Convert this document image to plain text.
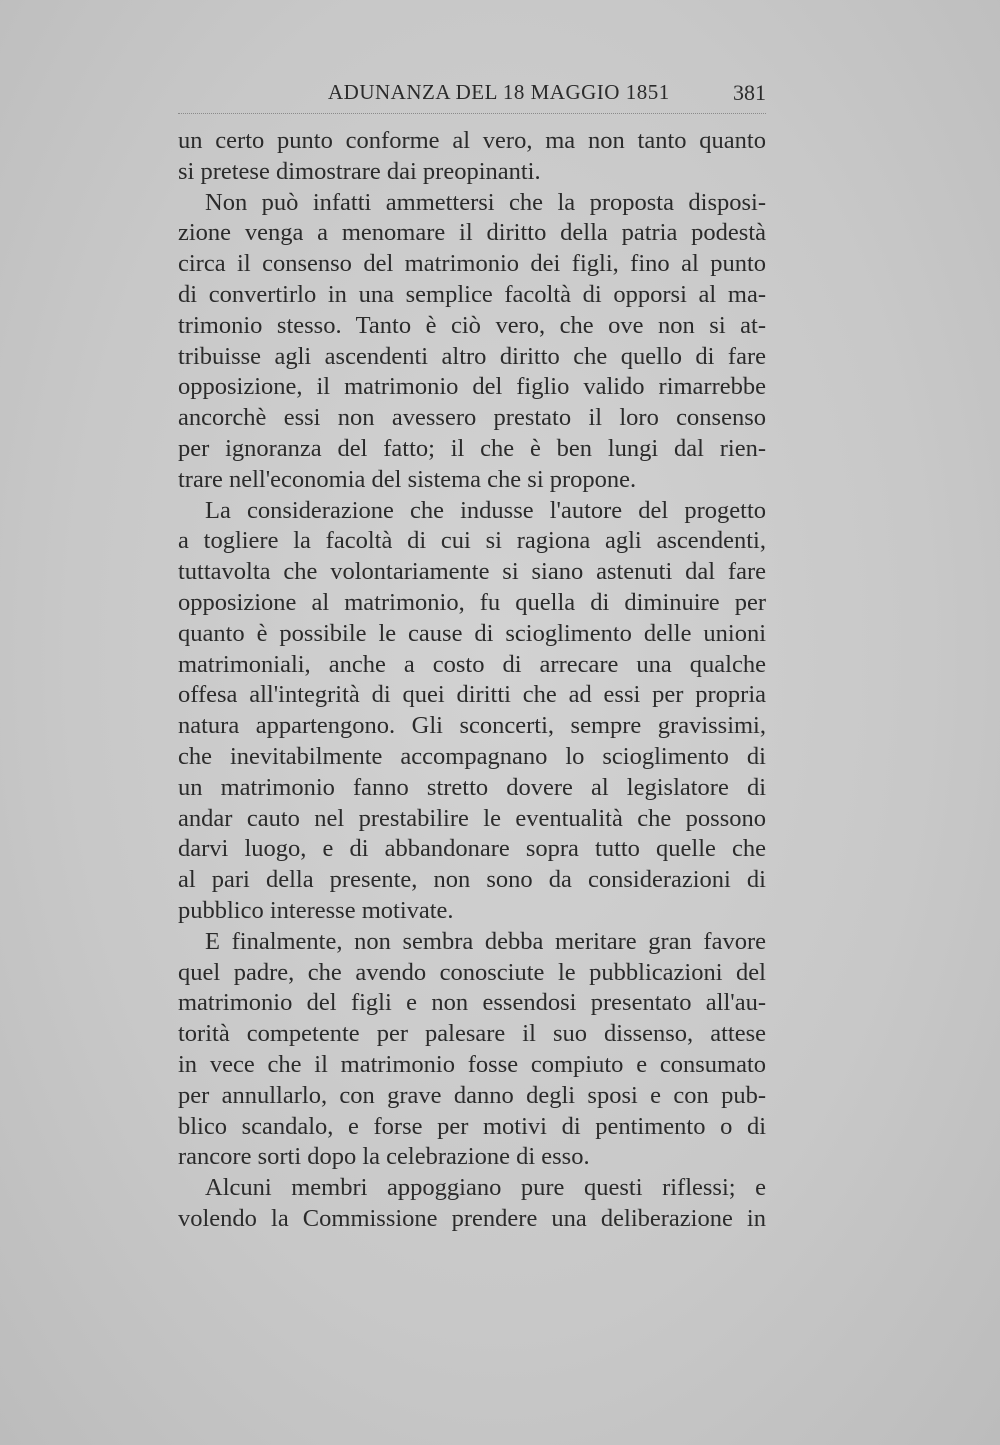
ADUNANZA DEL 18 MAGGIO 1851	381
un certo punto conforme al vero, ma non tanto quanto
si pretese dimostrare dai preopinanti.
Non può infatti ammettersi che la proposta disposi-
zione venga a menomare il diritto della patria podestà
circa il consenso del matrimonio dei figli, fino al punto
di convertirlo in una semplice facoltà di opporsi al ma-
trimonio stesso. Tanto è ciò vero, che ove non si at-
tribuisse agli ascendenti altro diritto che quello di fare
opposizione, il matrimonio del figlio valido rimarrebbe
ancorchè essi non avessero prestato il loro consenso
per ignoranza del fatto; il che è ben lungi dal rien-
trare nell'economia del sistema che si propone.
La considerazione che indusse l'autore del progetto
a togliere la facoltà di cui si ragiona agli ascendenti,
tuttavolta che volontariamente si siano astenuti dal fare
opposizione al matrimonio, fu quella di diminuire per
quanto è possibile le cause di scioglimento delle unioni
matrimoniali, anche a costo di arrecare una qualche
offesa all'integrità di quei diritti che ad essi per propria
natura appartengono. Gli sconcerti, sempre gravissimi,
che inevitabilmente accompagnano lo scioglimento di
un matrimonio fanno stretto dovere al legislatore di
andar cauto nel prestabilire le eventualità che possono
darvi luogo, e di abbandonare sopra tutto quelle che
al pari della presente, non sono da considerazioni di
pubblico interesse motivate.
E finalmente, non sembra debba meritare gran favore
quel padre, che avendo conosciute le pubblicazioni del
matrimonio del figli e non essendosi presentato all'au-
torità competente per palesare il suo dissenso, attese
in vece che il matrimonio fosse compiuto e consumato
per annullarlo, con grave danno degli sposi e con pub-
blico scandalo, e forse per motivi di pentimento o di
rancore sorti dopo la celebrazione di esso.
Alcuni membri appoggiano pure questi riflessi; e
volendo la Commissione prendere una deliberazione in
